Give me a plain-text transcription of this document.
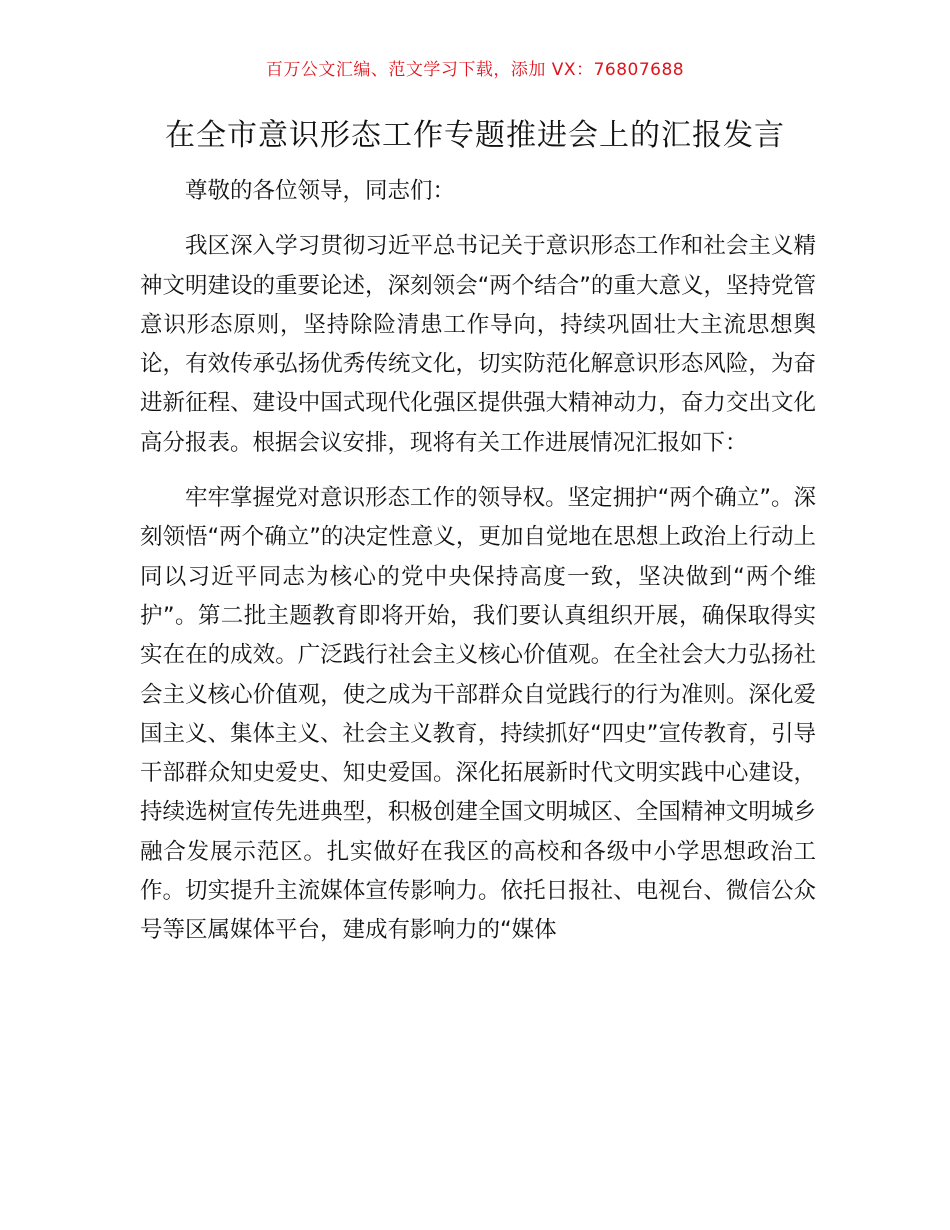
百万公文汇编、范文学习下载，添加 VX：76807688
在全市意识形态工作专题推进会上的汇报发言

尊敬的各位领导，同志们：

我区深入学习贯彻习近平总书记关于意识形态工作和社会主义精神文明建设的重要论述，深刻领会“两个结合”的重大意义，坚持党管意识形态原则，坚持除险清患工作导向，持续巩固壮大主流思想舆论，有效传承弘扬优秀传统文化，切实防范化解意识形态风险，为奋进新征程、建设中国式现代化强区提供强大精神动力，奋力交出文化高分报表。根据会议安排，现将有关工作进展情况汇报如下：

牢牢掌握党对意识形态工作的领导权。坚定拥护“两个确立”。深刻领悟“两个确立”的决定性意义，更加自觉地在思想上政治上行动上同以习近平同志为核心的党中央保持高度一致，坚决做到“两个维护”。第二批主题教育即将开始，我们要认真组织开展，确保取得实实在在的成效。广泛践行社会主义核心价值观。在全社会大力弘扬社会主义核心价值观，使之成为干部群众自觉践行的行为准则。深化爱国主义、集体主义、社会主义教育，持续抓好“四史”宣传教育，引导干部群众知史爱史、知史爱国。深化拓展新时代文明实践中心建设，持续选树宣传先进典型，积极创建全国文明城区、全国精神文明城乡融合发展示范区。扎实做好在我区的高校和各级中小学思想政治工作。切实提升主流媒体宣传影响力。依托日报社、电视台、微信公众号等区属媒体平台，建成有影响力的“媒体
